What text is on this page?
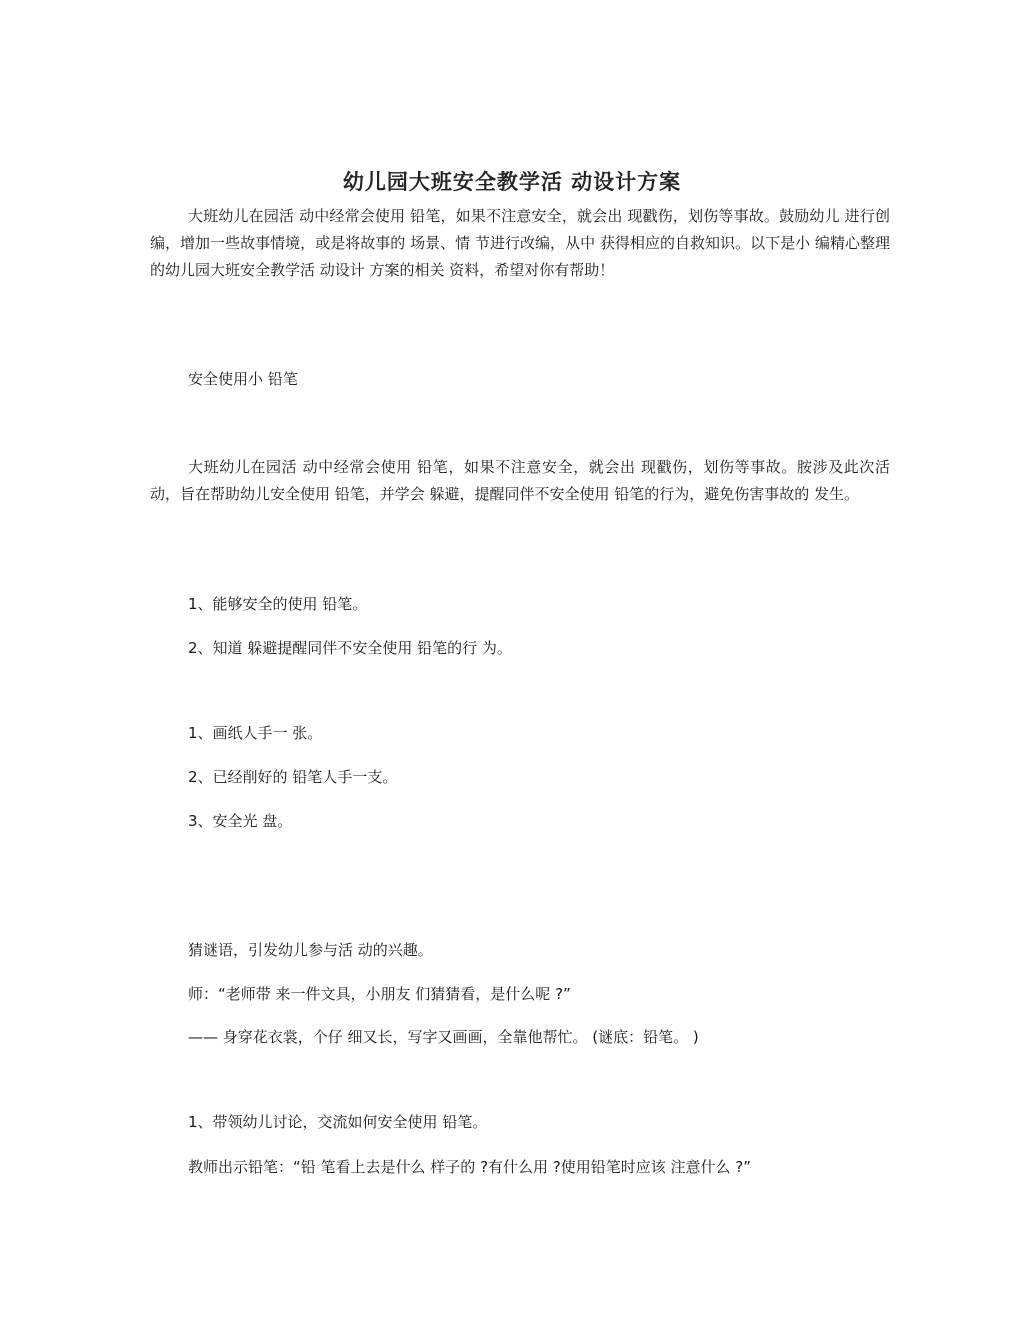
幼儿园大班安全教学活 动设计方案

大班幼儿在园活 动中经常会使用 铅笔，如果不注意安全，就会出 现戳伤，划伤等事故。鼓励幼儿 进行创编，增加一些故事情境，或是将故事的 场景、情 节进行改编，从中 获得相应的自救知识。以下是小 编精心整理的幼儿园大班安全教学活 动设计 方案的相关 资料，希望对你有帮助！

安全使用小 铅笔

大班幼儿在园活 动中经常会使用 铅笔，如果不注意安全，就会出 现戳伤，划伤等事故。胺涉及此次活 动，旨在帮助幼儿安全使用 铅笔，并学会 躲避，提醒同伴不安全使用 铅笔的行为，避免伤害事故的 发生。

1、能够安全的使用 铅笔。

2、知道 躲避提醒同伴不安全使用 铅笔的行 为。

1、画纸人手一 张。

2、已经削好的 铅笔人手一支。

3、安全光 盘。

猜谜语，引发幼儿参与活 动的兴趣。

师：“老师带 来一件文具，小朋友 们猜猜看，是什么呢 ?”

—— 身穿花衣裳，个仔 细又长，写字又画画，全靠他帮忙。 (谜底：铅笔。 )

1、带领幼儿讨论，交流如何安全使用 铅笔。

教师出示铅笔：“铅 笔看上去是什么 样子的 ?有什么用 ?使用铅笔时应该 注意什么 ?”
